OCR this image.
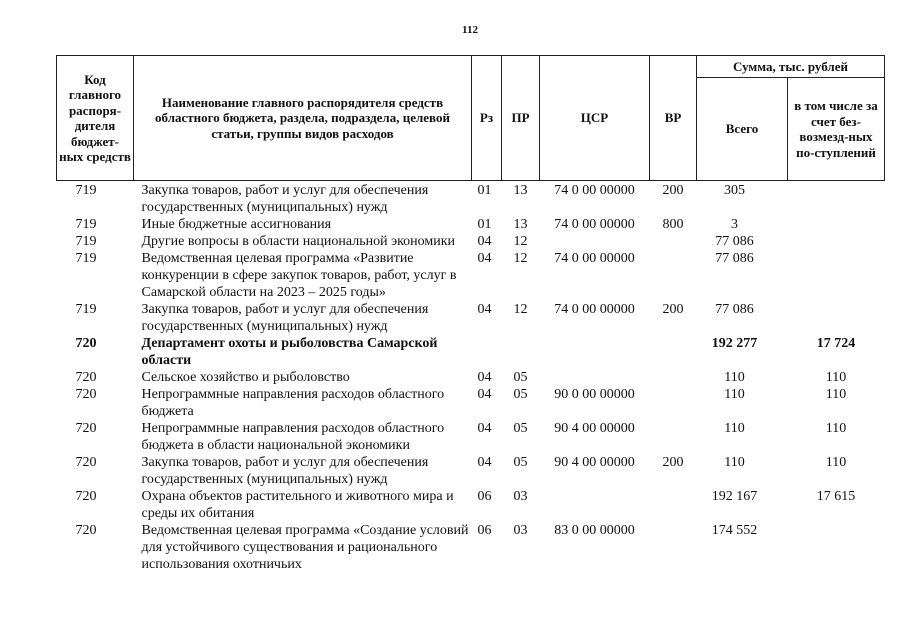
112
Код главного распоря-дителя бюджет-ных средств	Наименование главного распорядителя средств областного бюджета, раздела, подраздела, целевой статьи, группы видов расходов	Рз	ПР	ЦСР	ВР	Сумма, тыс. рублей	
						Всего	в том числе за счет без-возмезд-ных по-ступлений
719	Закупка товаров, работ и услуг для обеспечения государственных (муниципальных) нужд	01	13	74 0 00 00000	200	305	
719	Иные бюджетные ассигнования	01	13	74 0 00 00000	800	3	
719	Другие вопросы в области национальной экономики	04	12			77 086	
719	Ведомственная целевая программа «Развитие конкуренции в сфере закупок товаров, работ, услуг в Самарской области на 2023 – 2025 годы»	04	12	74 0 00 00000		77 086	
719	Закупка товаров, работ и услуг для обеспечения государственных (муниципальных) нужд	04	12	74 0 00 00000	200	77 086	
720	Департамент охоты и рыболовства Самарской области					192 277	17 724
720	Сельское хозяйство и рыболовство	04	05			110	110
720	Непрограммные направления расходов областного бюджета	04	05	90 0 00 00000		110	110
720	Непрограммные направления расходов областного бюджета в области национальной экономики	04	05	90 4 00 00000		110	110
720	Закупка товаров, работ и услуг для обеспечения государственных (муниципальных) нужд	04	05	90 4 00 00000	200	110	110
720	Охрана объектов растительного и животного мира и среды их обитания	06	03			192 167	17 615
720	Ведомственная целевая программа «Создание условий для устойчивого существования и рационального использования охотничьих	06	03	83 0 00 00000		174 552	
